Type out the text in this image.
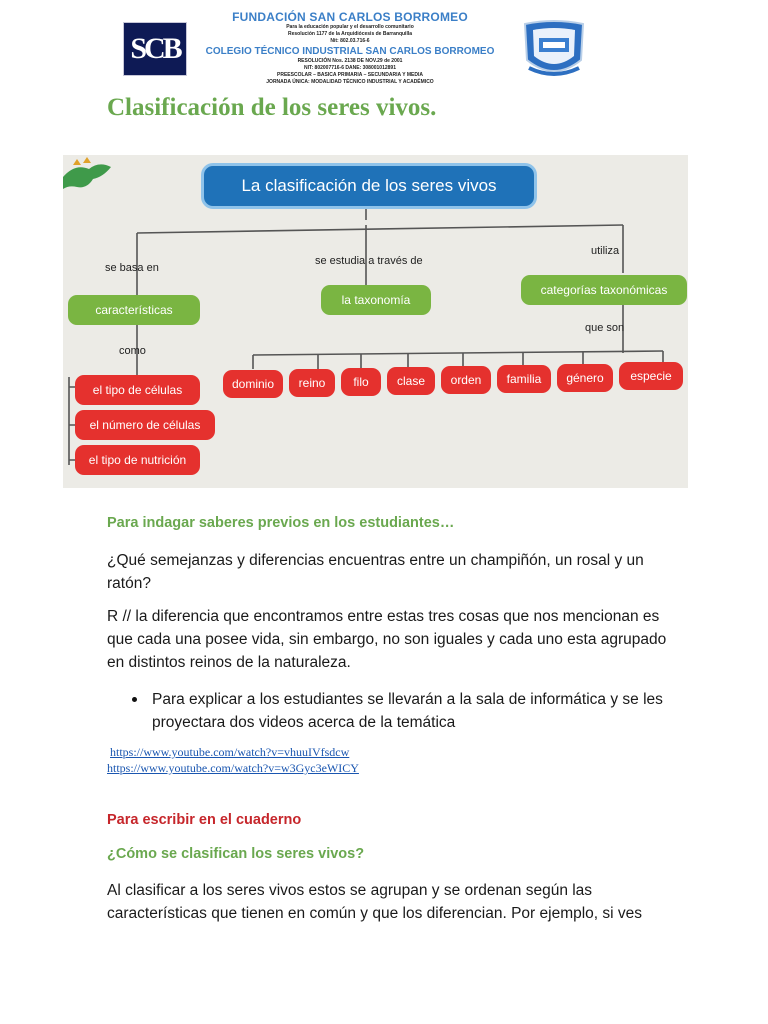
SCB
FUNDACIÓN SAN CARLOS BORROMEO
Para la educación popular y el desarrollo comunitario
Resolución 1177 de la Arquidiócesis de Barranquilla
Nit: 802.03.716-6
COLEGIO TÉCNICO INDUSTRIAL SAN CARLOS BORROMEO
RESOLUCIÓN Nos. 2138 DE NOV.29 de 2001
NIT: 802007716-6 DANE: 308001012891
PREESCOLAR – BASICA PRIMARIA – SECUNDARIA Y MEDIA
JORNADA ÚNICA: MODALIDAD TÉCNICO INDUSTRIAL Y ACADÉMICO
Clasificación de los seres vivos.
La clasificación de los seres vivos
se basa en
se estudia a través de
utiliza
características
la taxonomía
categorías taxonómicas
como
que son
el tipo de células
el número de células
el tipo de nutrición
dominio	reino	filo	clase	orden	familia	género	especie
Para indagar saberes previos en los estudiantes…
¿Qué semejanzas y diferencias encuentras entre un champiñón, un rosal y un ratón?
R // la diferencia que encontramos entre estas tres cosas que nos mencionan es que cada una posee vida, sin embargo, no son iguales y cada uno esta agrupado en distintos reinos de la naturaleza.
Para explicar a los estudiantes se llevarán a la sala de informática y se les proyectara dos videos acerca de la temática
https://www.youtube.com/watch?v=vhuuIVfsdcw
https://www.youtube.com/watch?v=w3Gyc3eWICY
Para escribir en el cuaderno
¿Cómo se clasifican los seres vivos?
Al clasificar a los seres vivos estos se agrupan y se ordenan según las características que tienen en común y que los diferencian. Por ejemplo, si ves
